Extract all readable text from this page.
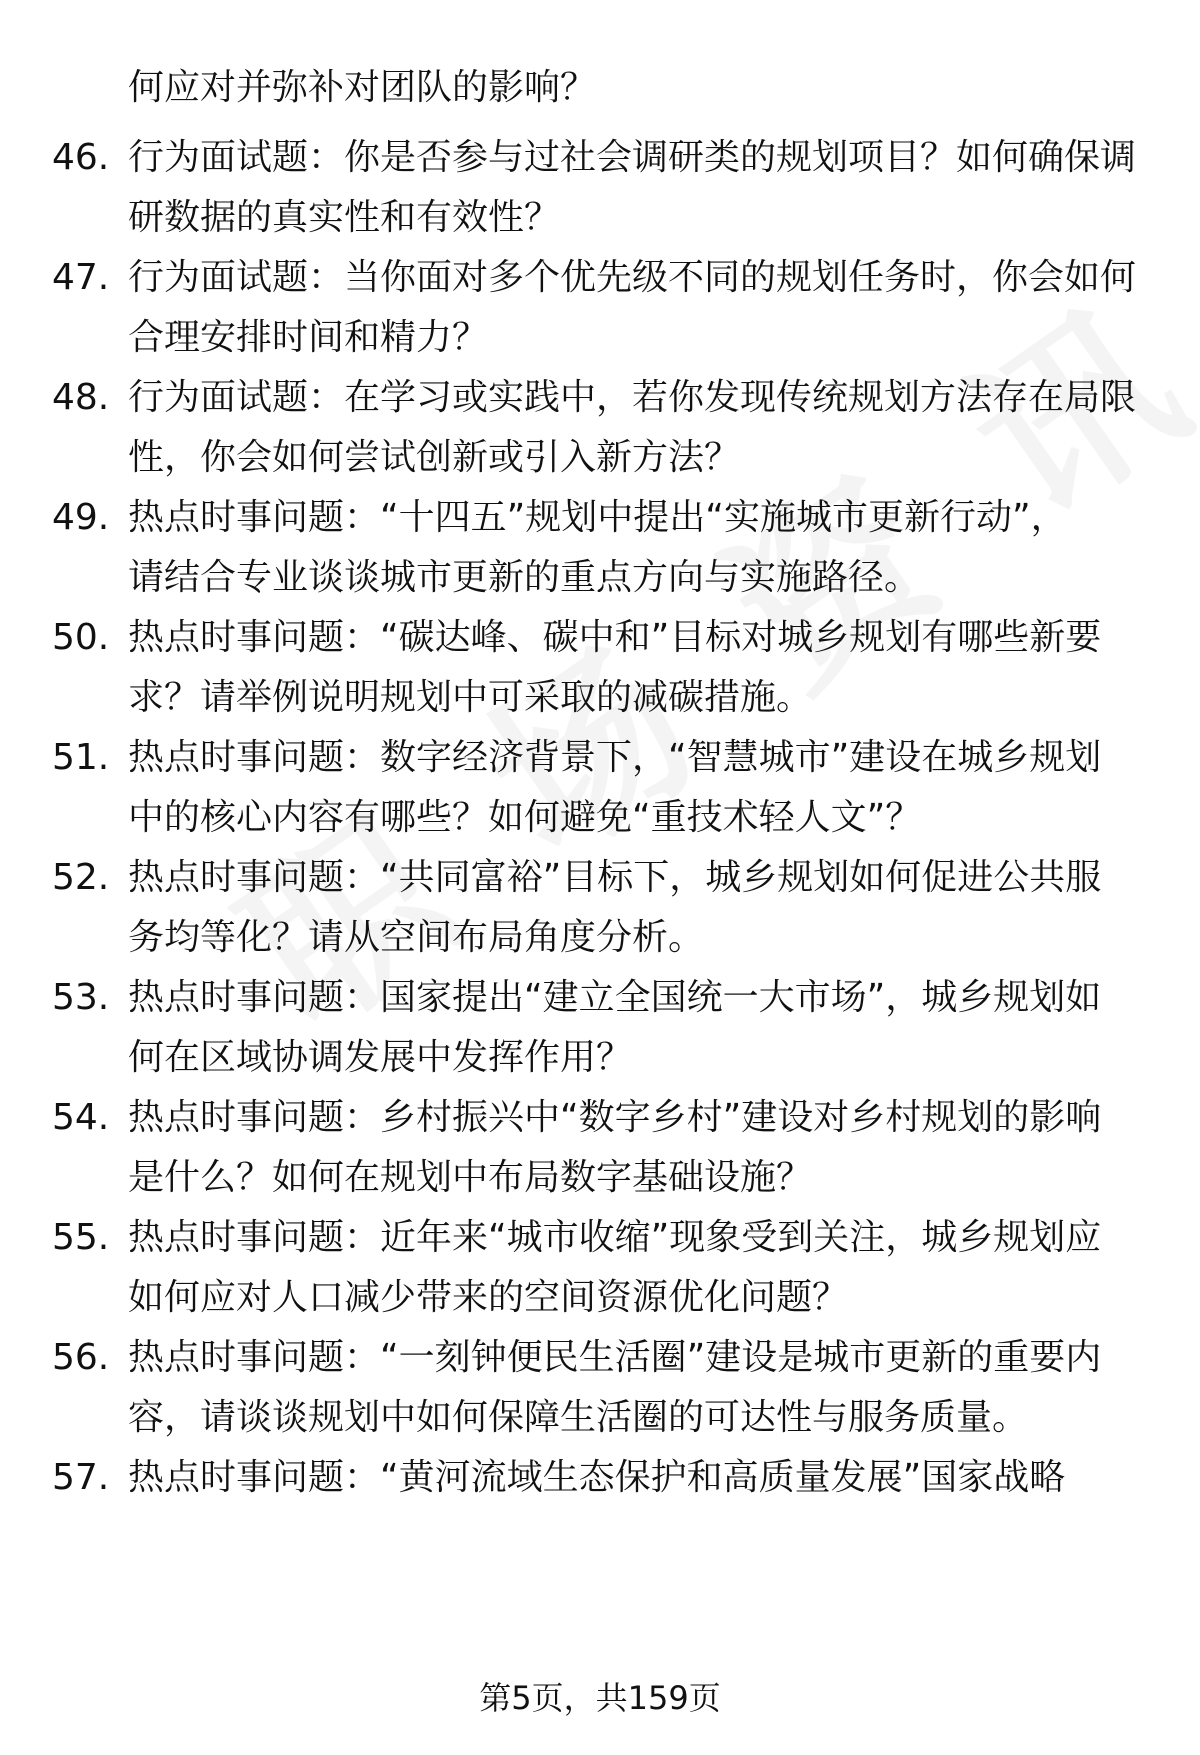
何应对并弥补对团队的影响？
46. 行为面试题：你是否参与过社会调研类的规划项目？如何确保调
研数据的真实性和有效性？
47. 行为面试题：当你面对多个优先级不同的规划任务时，你会如何
合理安排时间和精力？
48. 行为面试题：在学习或实践中，若你发现传统规划方法存在局限
性，你会如何尝试创新或引入新方法？
49. 热点时事问题：“十四五”规划中提出“实施城市更新行动”，
请结合专业谈谈城市更新的重点方向与实施路径。
50. 热点时事问题：“碳达峰、碳中和”目标对城乡规划有哪些新要
求？请举例说明规划中可采取的减碳措施。
51. 热点时事问题：数字经济背景下，“智慧城市”建设在城乡规划
中的核心内容有哪些？如何避免“重技术轻人文”？
52. 热点时事问题：“共同富裕”目标下，城乡规划如何促进公共服
务均等化？请从空间布局角度分析。
53. 热点时事问题：国家提出“建立全国统一大市场”，城乡规划如
何在区域协调发展中发挥作用？
54. 热点时事问题：乡村振兴中“数字乡村”建设对乡村规划的影响
是什么？如何在规划中布局数字基础设施？
55. 热点时事问题：近年来“城市收缩”现象受到关注，城乡规划应
如何应对人口减少带来的空间资源优化问题？
56. 热点时事问题：“一刻钟便民生活圈”建设是城市更新的重要内
容，请谈谈规划中如何保障生活圈的可达性与服务质量。
57. 热点时事问题：“黄河流域生态保护和高质量发展”国家战略
第5页，共159页
